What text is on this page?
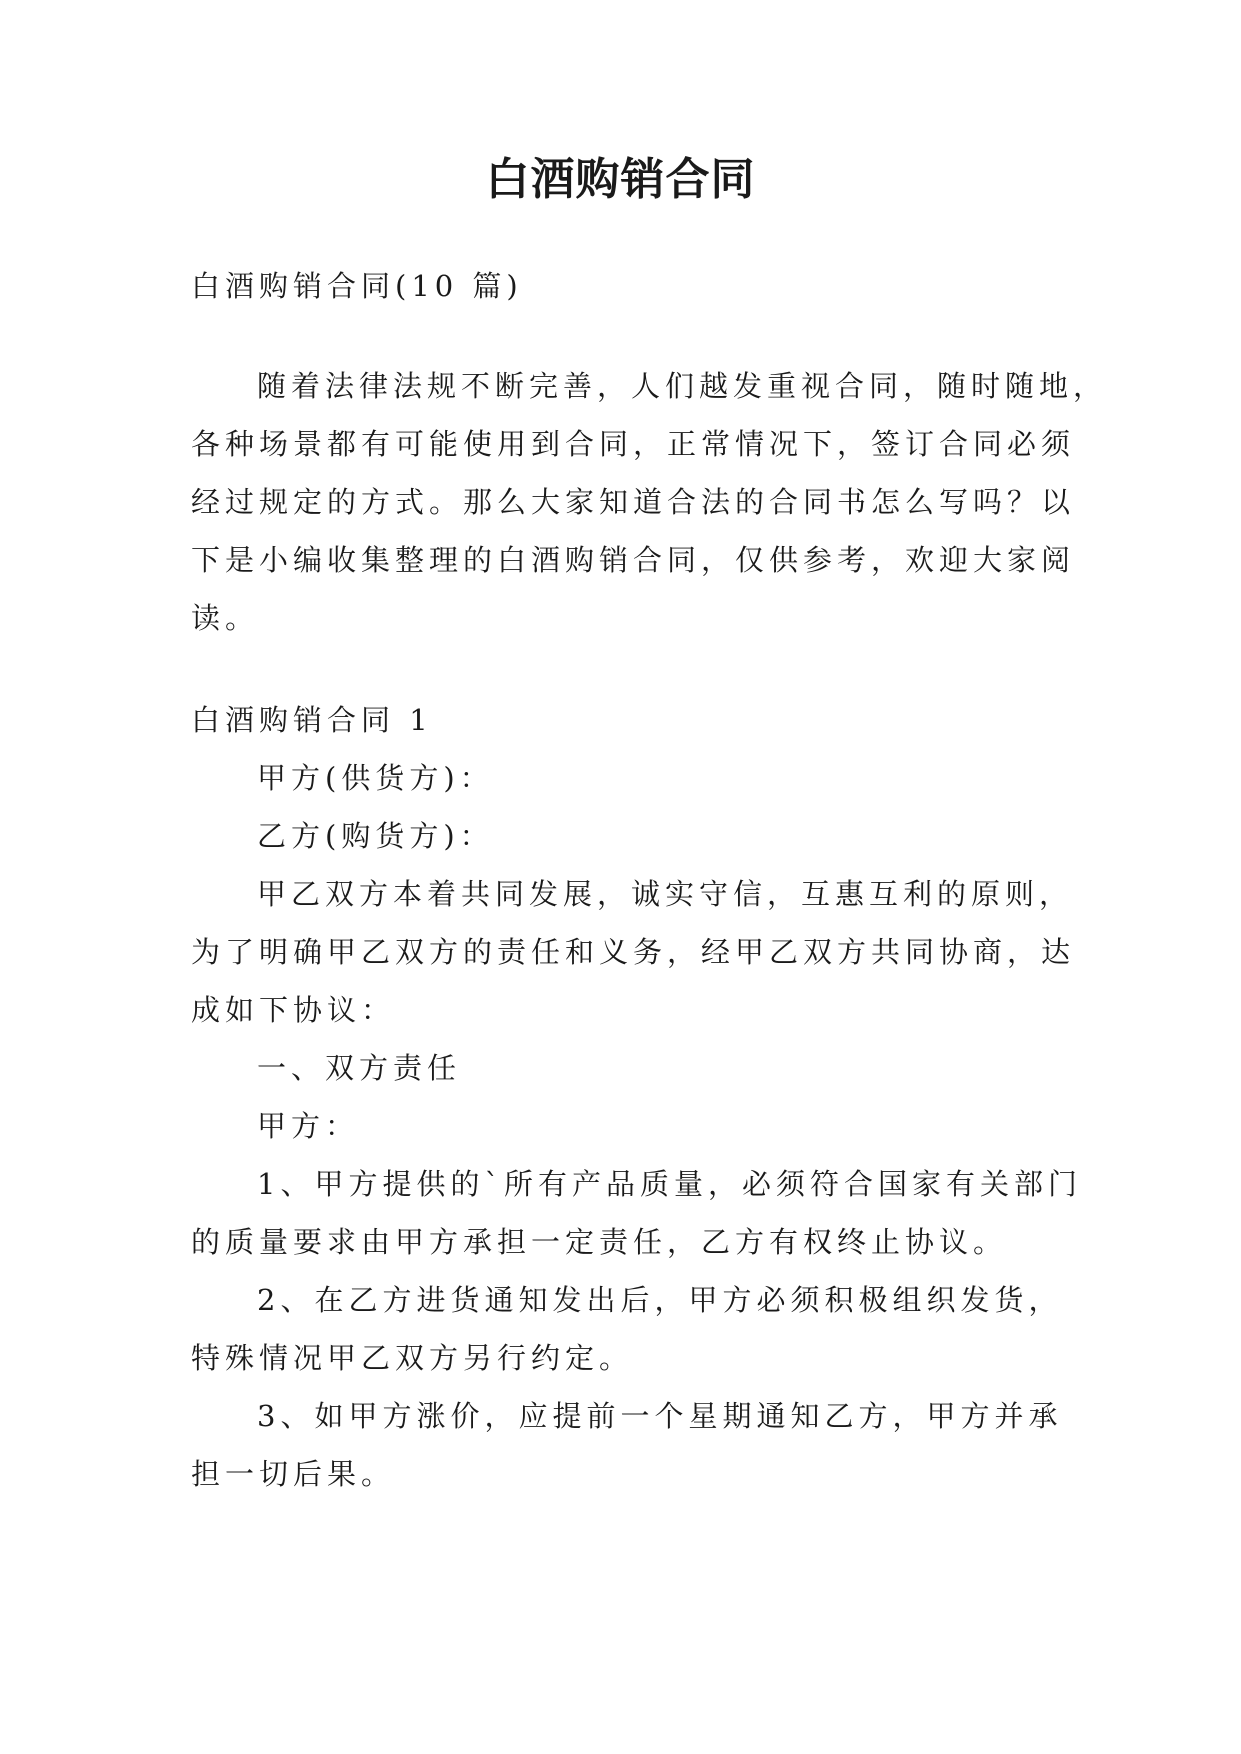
白酒购销合同
白酒购销合同(10 篇)
随着法律法规不断完善，人们越发重视合同，随时随地，
各种场景都有可能使用到合同，正常情况下，签订合同必须
经过规定的方式。那么大家知道合法的合同书怎么写吗？以
下是小编收集整理的白酒购销合同，仅供参考，欢迎大家阅
读。
白酒购销合同 1
甲方(供货方)：
乙方(购货方)：
甲乙双方本着共同发展，诚实守信，互惠互利的原则，
为了明确甲乙双方的责任和义务，经甲乙双方共同协商，达
成如下协议：
一、双方责任
甲方：
1、甲方提供的`所有产品质量，必须符合国家有关部门
的质量要求由甲方承担一定责任，乙方有权终止协议。
2、在乙方进货通知发出后，甲方必须积极组织发货，
特殊情况甲乙双方另行约定。
3、如甲方涨价，应提前一个星期通知乙方，甲方并承
担一切后果。
